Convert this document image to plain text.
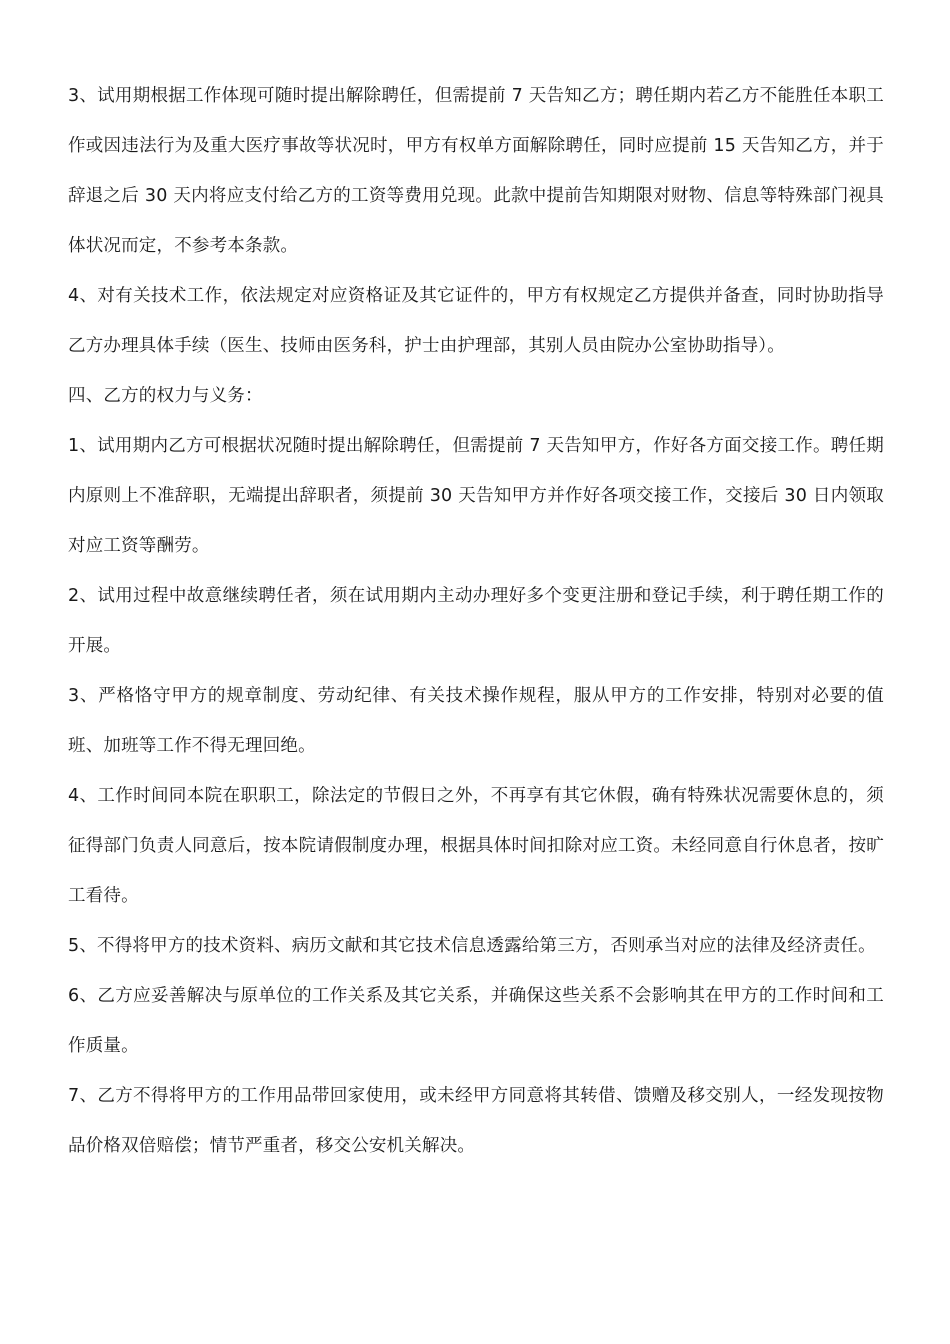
3、试用期根据工作体现可随时提出解除聘任，但需提前 7 天告知乙方；聘任期内若乙方不能胜任本职工作或因违法行为及重大医疗事故等状况时，甲方有权单方面解除聘任，同时应提前 15 天告知乙方，并于辞退之后 30 天内将应支付给乙方的工资等费用兑现。此款中提前告知期限对财物、信息等特殊部门视具体状况而定，不参考本条款。

4、对有关技术工作，依法规定对应资格证及其它证件的，甲方有权规定乙方提供并备查，同时协助指导乙方办理具体手续（医生、技师由医务科，护士由护理部，其别人员由院办公室协助指导）。

四、乙方的权力与义务：

1、试用期内乙方可根据状况随时提出解除聘任，但需提前 7 天告知甲方，作好各方面交接工作。聘任期内原则上不准辞职，无端提出辞职者，须提前 30 天告知甲方并作好各项交接工作，交接后 30 日内领取对应工资等酬劳。

2、试用过程中故意继续聘任者，须在试用期内主动办理好多个变更注册和登记手续，利于聘任期工作的开展。

3、严格恪守甲方的规章制度、劳动纪律、有关技术操作规程，服从甲方的工作安排，特别对必要的值班、加班等工作不得无理回绝。

4、工作时间同本院在职职工，除法定的节假日之外，不再享有其它休假，确有特殊状况需要休息的，须征得部门负责人同意后，按本院请假制度办理，根据具体时间扣除对应工资。未经同意自行休息者，按旷工看待。

5、不得将甲方的技术资料、病历文献和其它技术信息透露给第三方，否则承当对应的法律及经济责任。

6、乙方应妥善解决与原单位的工作关系及其它关系，并确保这些关系不会影响其在甲方的工作时间和工作质量。

7、乙方不得将甲方的工作用品带回家使用，或未经甲方同意将其转借、馈赠及移交别人，一经发现按物品价格双倍赔偿；情节严重者，移交公安机关解决。
